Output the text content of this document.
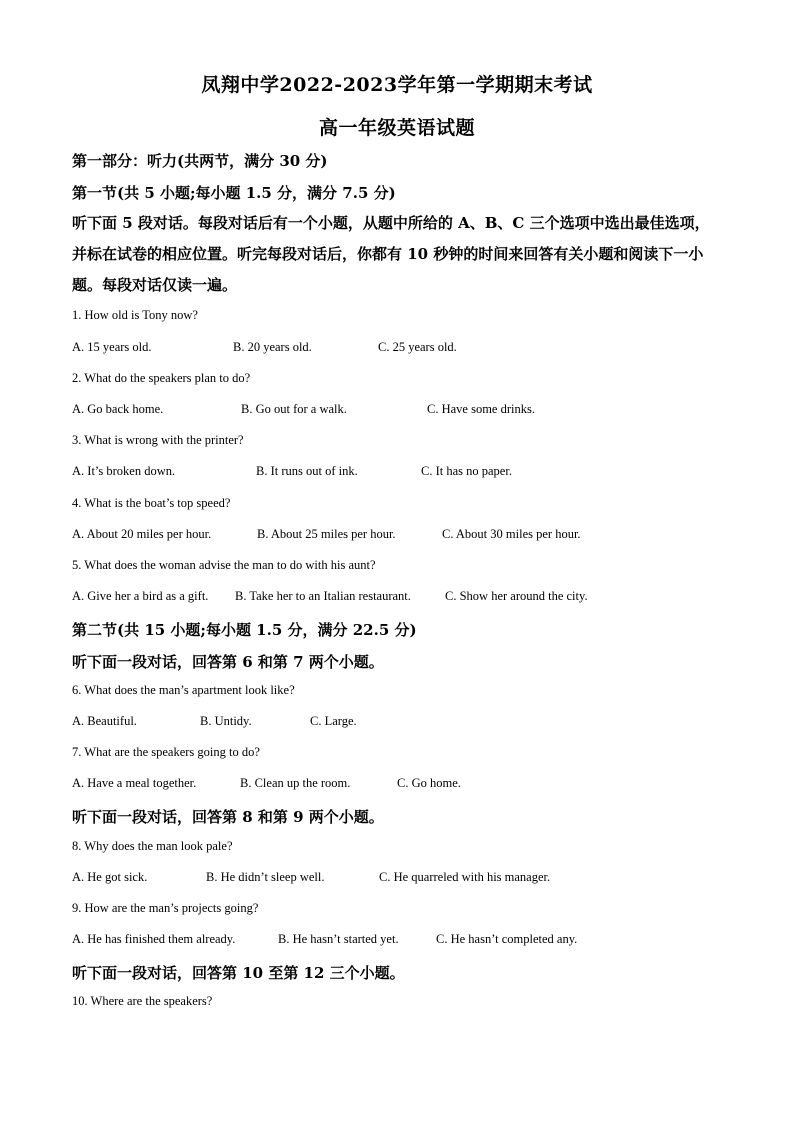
凤翔中学2022-2023学年第一学期期末考试
高一年级英语试题
第一部分：听力(共两节，满分 30 分)
第一节(共 5 小题;每小题 1.5 分，满分 7.5 分)
听下面 5 段对话。每段对话后有一个小题，从题中所给的 A、B、C 三个选项中选出最佳选项，并标在试卷的相应位置。听完每段对话后，你都有 10 秒钟的时间来回答有关小题和阅读下一小题。每段对话仅读一遍。
1. How old is Tony now?
A. 15 years old.	B. 20 years old.	C. 25 years old.
2. What do the speakers plan to do?
A. Go back home.	B. Go out for a walk.	C. Have some drinks.
3. What is wrong with the printer?
A. It’s broken down.	B. It runs out of ink.	C. It has no paper.
4. What is the boat’s top speed?
A. About 20 miles per hour.	B. About 25 miles per hour.	C. About 30 miles per hour.
5. What does the woman advise the man to do with his aunt?
A. Give her a bird as a gift. B. Take her to an Italian restaurant.	C. Show her around the city.
第二节(共 15 小题;每小题 1.5 分，满分 22.5 分)
听下面一段对话，回答第 6 和第 7 两个小题。
6. What does the man’s apartment look like?
A. Beautiful.	B. Untidy.	C. Large.
7. What are the speakers going to do?
A. Have a meal together.	B. Clean up the room.	C. Go home.
听下面一段对话，回答第 8 和第 9 两个小题。
8. Why does the man look pale?
A. He got sick.	B. He didn’t sleep well.	C. He quarreled with his manager.
9. How are the man’s projects going?
A. He has finished them already.	B. He hasn’t started yet.	C. He hasn’t completed any.
听下面一段对话，回答第 10 至第 12 三个小题。
10. Where are the speakers?
